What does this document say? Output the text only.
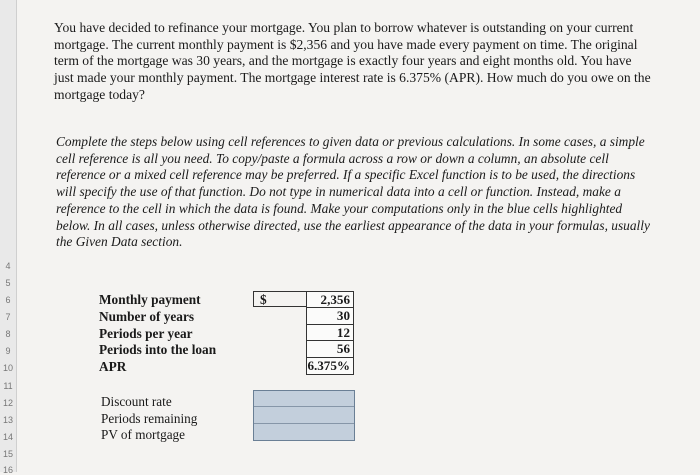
4
5
6
7
8
9
10
11
12
13
14
15
16

You have decided to refinance your mortgage. You plan to borrow whatever is outstanding on your current mortgage. The current monthly payment is $2,356 and you have made every payment on time. The original term of the mortgage was 30 years, and the mortgage is exactly four years and eight months old. You have just made your monthly payment. The mortgage interest rate is 6.375% (APR). How much do you owe on the mortgage today?

Complete the steps below using cell references to given data or previous calculations. In some cases, a simple cell reference is all you need. To copy/paste a formula across a row or down a column, an absolute cell reference or a mixed cell reference may be preferred. If a specific Excel function is to be used, the directions will specify the use of that function. Do not type in numerical data into a cell or function. Instead, make a reference to the cell in which the data is found. Make your computations only in the blue cells highlighted below. In all cases, unless otherwise directed, use the earliest appearance of the data in your formulas, usually the Given Data section.

Monthly payment
Number of years
Periods per year
Periods into the loan
APR
$	2,356
30
12
56
6.375%
Discount rate
Periods remaining
PV of mortgage
